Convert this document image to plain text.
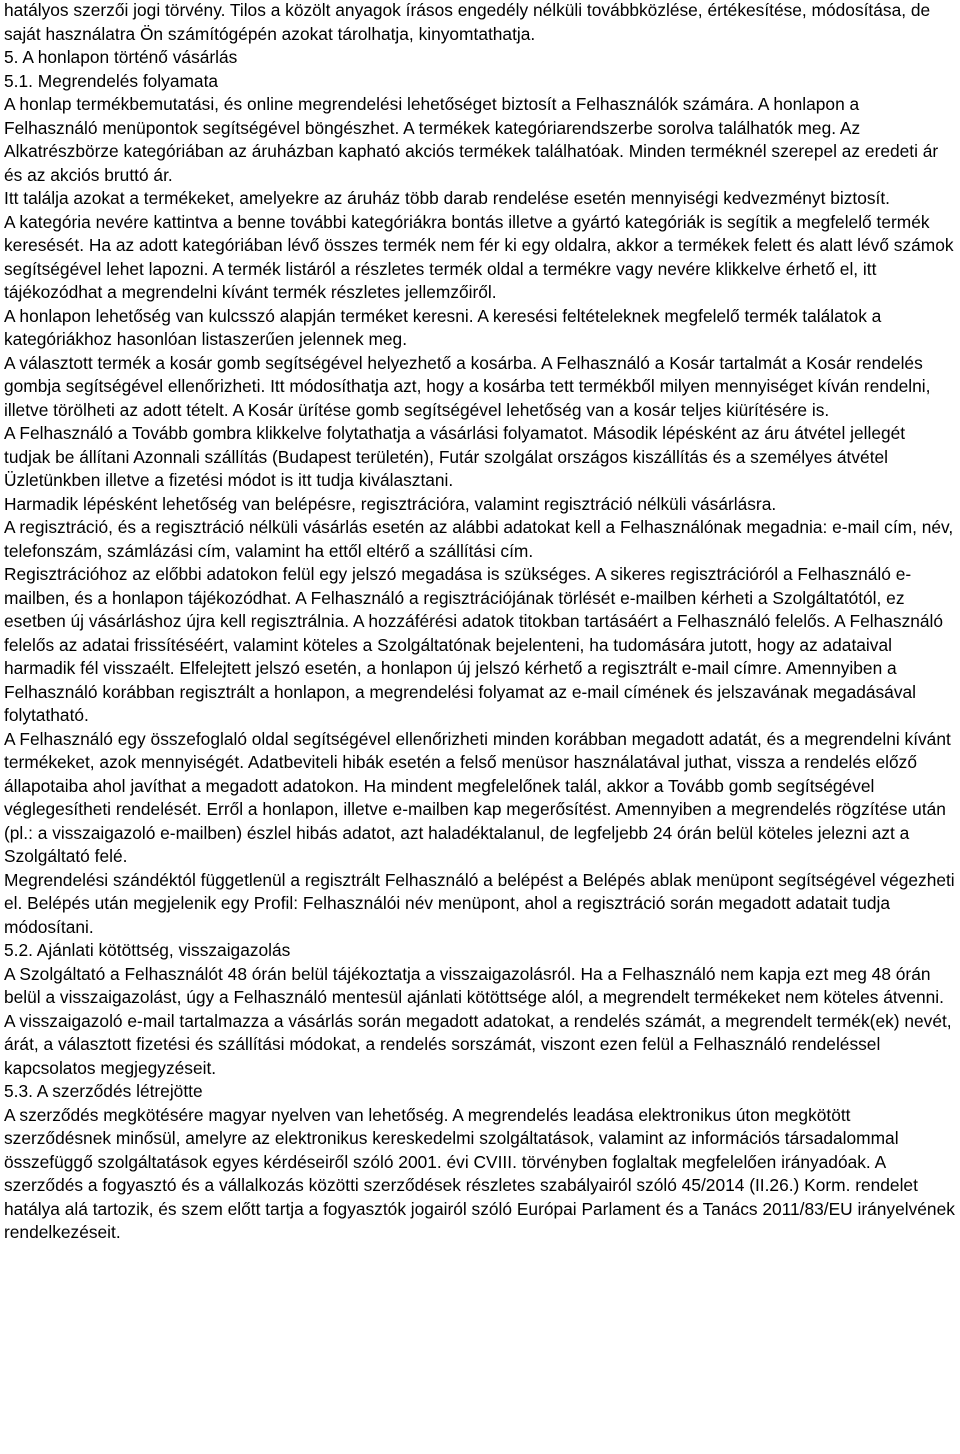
hatályos szerzői jogi törvény. Tilos a közölt anyagok írásos engedély nélküli továbbközlése, értékesítése, módosítása, de saját használatra Ön számítógépén azokat tárolhatja, kinyomtathatja.

5. A honlapon történő vásárlás

5.1. Megrendelés folyamata

A honlap termékbemutatási, és online megrendelési lehetőséget biztosít a Felhasználók számára. A honlapon a Felhasználó menüpontok segítségével böngészhet. A termékek kategóriarendszerbe sorolva találhatók meg. Az Alkatrészbörze kategóriában az áruházban kapható akciós termékek találhatóak. Minden terméknél szerepel az eredeti ár és az akciós bruttó ár.

Itt találja azokat a termékeket, amelyekre az áruház több darab rendelése esetén mennyiségi kedvezményt biztosít.

A kategória nevére kattintva a benne további kategóriákra bontás illetve a gyártó kategóriák is segítik a megfelelő termék keresését. Ha az adott kategóriában lévő összes termék nem fér ki egy oldalra, akkor a termékek felett és alatt lévő számok segítségével lehet lapozni. A termék listáról a részletes termék oldal a termékre vagy nevére klikkelve érhető el, itt tájékozódhat a megrendelni kívánt termék részletes jellemzőiről.

A honlapon lehetőség van kulcsszó alapján terméket keresni. A keresési feltételeknek megfelelő termék találatok a kategóriákhoz hasonlóan listaszerűen jelennek meg.

A választott termék a kosár gomb segítségével helyezhető a kosárba. A Felhasználó a Kosár tartalmát a Kosár rendelés gombja segítségével ellenőrizheti. Itt módosíthatja azt, hogy a kosárba tett termékből milyen mennyiséget kíván rendelni, illetve törölheti az adott tételt. A Kosár ürítése gomb segítségével lehetőség van a kosár teljes kiürítésére is.

A Felhasználó a Tovább gombra klikkelve folytathatja a vásárlási folyamatot. Második lépésként az áru átvétel jellegét tudjak be állítani Azonnali szállítás (Budapest területén), Futár szolgálat országos kiszállítás és a személyes átvétel Üzletünkben illetve a fizetési módot is itt tudja kiválasztani.

Harmadik lépésként lehetőség van belépésre, regisztrációra, valamint regisztráció nélküli vásárlásra.

A regisztráció, és a regisztráció nélküli vásárlás esetén az alábbi adatokat kell a Felhasználónak megadnia: e-mail cím, név, telefonszám, számlázási cím, valamint ha ettől eltérő a szállítási cím.

Regisztrációhoz az előbbi adatokon felül egy jelszó megadása is szükséges. A sikeres regisztrációról a Felhasználó e-mailben, és a honlapon tájékozódhat. A Felhasználó a regisztrációjának törlését e-mailben kérheti a Szolgáltatótól, ez esetben új vásárláshoz újra kell regisztrálnia. A hozzáférési adatok titokban tartásáért a Felhasználó felelős. A Felhasználó felelős az adatai frissítéséért, valamint köteles a Szolgáltatónak bejelenteni, ha tudomására jutott, hogy az adataival harmadik fél visszaélt. Elfelejtett jelszó esetén, a honlapon új jelszó kérhető a regisztrált e-mail címre. Amennyiben a Felhasználó korábban regisztrált a honlapon, a megrendelési folyamat az e-mail címének és jelszavának megadásával folytatható.

A Felhasználó egy összefoglaló oldal segítségével ellenőrizheti minden korábban megadott adatát, és a megrendelni kívánt termékeket, azok mennyiségét. Adatbeviteli hibák esetén a felső menüsor használatával juthat, vissza a rendelés előző állapotaiba ahol javíthat a megadott adatokon. Ha mindent megfelelőnek talál, akkor a Tovább gomb segítségével véglegesítheti rendelését. Erről a honlapon, illetve e-mailben kap megerősítést. Amennyiben a megrendelés rögzítése után (pl.: a visszaigazoló e-mailben) észlel hibás adatot, azt haladéktalanul, de legfeljebb 24 órán belül köteles jelezni azt a Szolgáltató felé.

Megrendelési szándéktól függetlenül a regisztrált Felhasználó a belépést a Belépés ablak menüpont segítségével végezheti el. Belépés után megjelenik egy Profil: Felhasználói név menüpont, ahol a regisztráció során megadott adatait tudja módosítani.

5.2. Ajánlati kötöttség, visszaigazolás

A Szolgáltató a Felhasználót 48 órán belül tájékoztatja a visszaigazolásról. Ha a Felhasználó nem kapja ezt meg 48 órán belül a visszaigazolást, úgy a Felhasználó mentesül ajánlati kötöttsége alól, a megrendelt termékeket nem köteles átvenni.

A visszaigazoló e-mail tartalmazza a vásárlás során megadott adatokat, a rendelés számát, a megrendelt termék(ek) nevét, árát, a választott fizetési és szállítási módokat, a rendelés sorszámát, viszont ezen felül a Felhasználó rendeléssel kapcsolatos megjegyzéseit.

5.3. A szerződés létrejötte

A szerződés megkötésére magyar nyelven van lehetőség. A megrendelés leadása elektronikus úton megkötött szerződésnek minősül, amelyre az elektronikus kereskedelmi szolgáltatások, valamint az információs társadalommal összefüggő szolgáltatások egyes kérdéseiről szóló 2001. évi CVIII. törvényben foglaltak megfelelően irányadóak. A szerződés a fogyasztó és a vállalkozás közötti szerződések részletes szabályairól szóló 45/2014 (II.26.) Korm. rendelet hatálya alá tartozik, és szem előtt tartja a fogyasztók jogairól szóló Európai Parlament és a Tanács 2011/83/EU irányelvének rendelkezéseit.
